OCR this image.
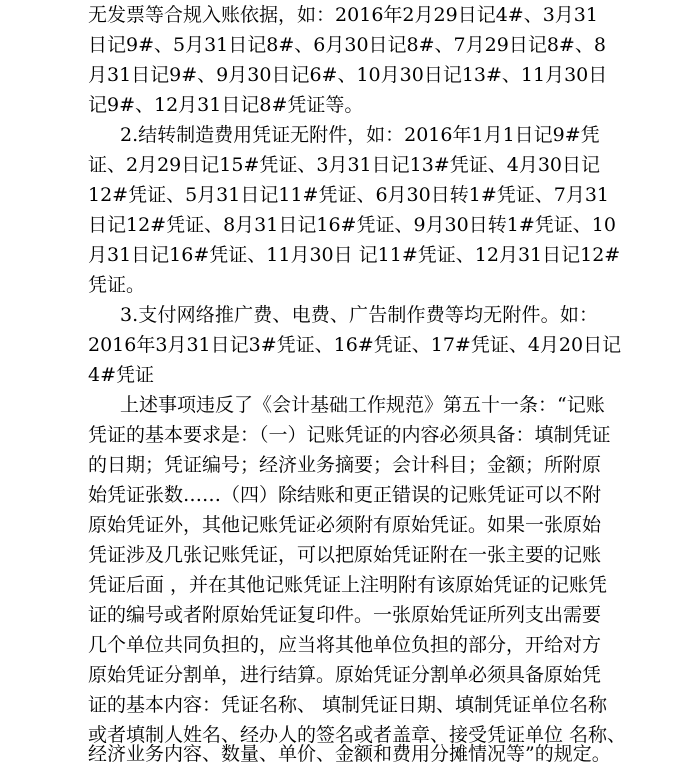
无发票等合规入账依据，如：2016年2月29日记4#、3月31
日记9#、5月31日记8#、6月30日记8#、7月29日记8#、8
月31日记9#、9月30日记6#、10月30日记13#、11月30日
记9#、12月31日记8#凭证等。
2.结转制造费用凭证无附件，如：2016年1月1日记9#凭
证、2月29日记15#凭证、3月31日记13#凭证、4月30日记
12#凭证、5月31日记11#凭证、6月30日转1#凭证、7月31
日记12#凭证、8月31日记16#凭证、9月30日转1#凭证、10
月31日记16#凭证、11月30日 记11#凭证、12月31日记12#
凭证。
3.支付网络推广费、电费、广告制作费等均无附件。如：
2016年3月31日记3#凭证、16#凭证、17#凭证、4月20日记
4#凭证
上述事项违反了《会计基础工作规范》第五十一条：“记账
凭证的基本要求是：（一）记账凭证的内容必须具备：填制凭证
的日期；凭证编号；经济业务摘要；会计科目；金额；所附原
始凭证张数……（四）除结账和更正错误的记账凭证可以不附
原始凭证外，其他记账凭证必须附有原始凭证。如果一张原始
凭证涉及几张记账凭证，可以把原始凭证附在一张主要的记账
凭证后面 ，并在其他记账凭证上注明附有该原始凭证的记账凭
证的编号或者附原始凭证复印件。一张原始凭证所列支出需要
几个单位共同负担的，应当将其他单位负担的部分，开给对方
原始凭证分割单，进行结算。原始凭证分割单必须具备原始凭
证的基本内容：凭证名称、 填制凭证日期、填制凭证单位名称
或者填制人姓名、经办人的签名或者盖章、接受凭证单位 名称、
经济业务内容、数量、单价、金额和费用分摊情况等”的规定。
